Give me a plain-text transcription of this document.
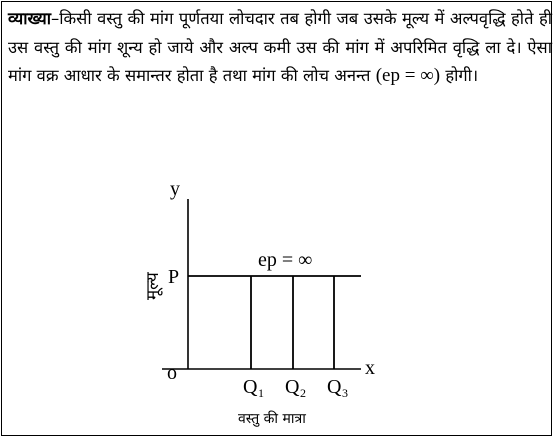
व्याख्या–किसी वस्तु की मांग पूर्णतया लोचदार तब होगी जब उसके मूल्य में अल्पवृद्धि होते ही उस वस्तु की मांग शून्य हो जाये और अल्प कमी उस की मांग में अपरिमित वृद्धि ला दे। ऐसा मांग वक्र आधार के समान्तर होता है तथा मांग की लोच अनन्त (ep = ∞) होगी।

y
x
o
P
मूल्य
ep = ∞
Q 1 Q 2 Q 3
वस्तु की मात्रा
